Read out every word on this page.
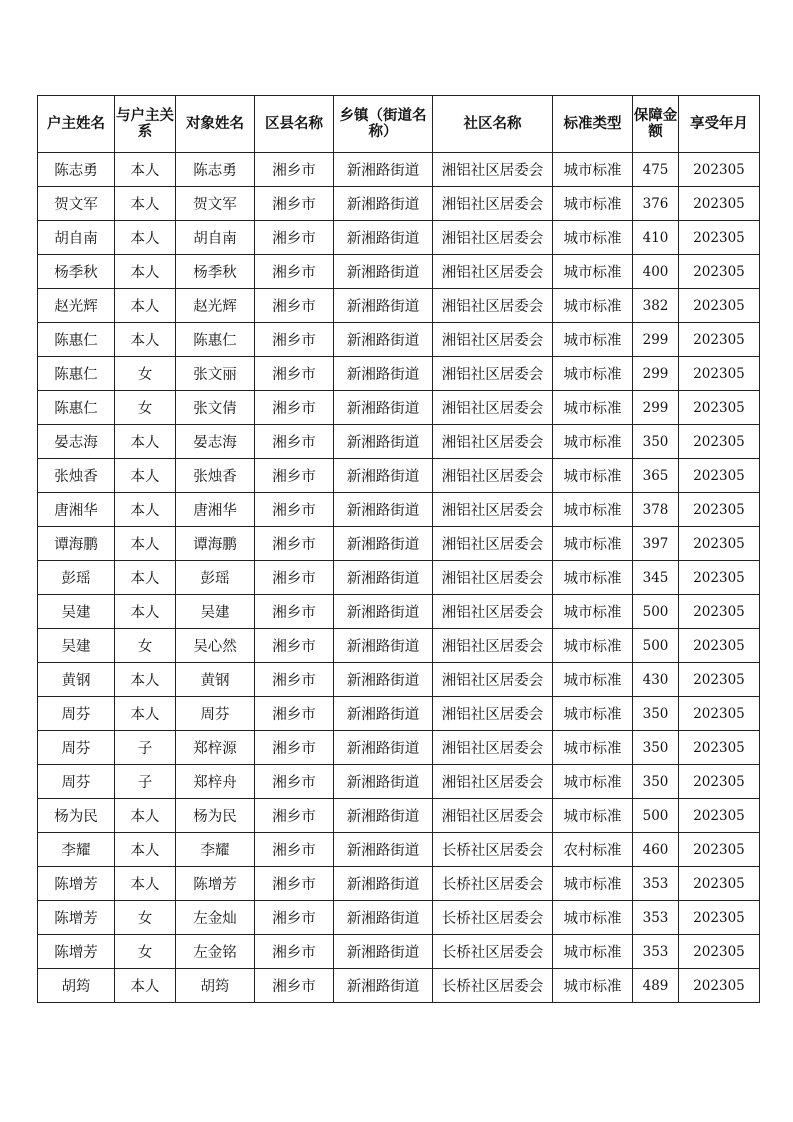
户主姓名	与户主关系	对象姓名	区县名称	乡镇（街道名称）	社区名称	标准类型	保障金额	享受年月
陈志勇	本人	陈志勇	湘乡市	新湘路街道	湘铝社区居委会	城市标准	475	202305
贺文军	本人	贺文军	湘乡市	新湘路街道	湘铝社区居委会	城市标准	376	202305
胡自南	本人	胡自南	湘乡市	新湘路街道	湘铝社区居委会	城市标准	410	202305
杨季秋	本人	杨季秋	湘乡市	新湘路街道	湘铝社区居委会	城市标准	400	202305
赵光辉	本人	赵光辉	湘乡市	新湘路街道	湘铝社区居委会	城市标准	382	202305
陈惠仁	本人	陈惠仁	湘乡市	新湘路街道	湘铝社区居委会	城市标准	299	202305
陈惠仁	女	张文丽	湘乡市	新湘路街道	湘铝社区居委会	城市标准	299	202305
陈惠仁	女	张文倩	湘乡市	新湘路街道	湘铝社区居委会	城市标准	299	202305
晏志海	本人	晏志海	湘乡市	新湘路街道	湘铝社区居委会	城市标准	350	202305
张烛香	本人	张烛香	湘乡市	新湘路街道	湘铝社区居委会	城市标准	365	202305
唐湘华	本人	唐湘华	湘乡市	新湘路街道	湘铝社区居委会	城市标准	378	202305
谭海鹏	本人	谭海鹏	湘乡市	新湘路街道	湘铝社区居委会	城市标准	397	202305
彭瑶	本人	彭瑶	湘乡市	新湘路街道	湘铝社区居委会	城市标准	345	202305
吴建	本人	吴建	湘乡市	新湘路街道	湘铝社区居委会	城市标准	500	202305
吴建	女	吴心然	湘乡市	新湘路街道	湘铝社区居委会	城市标准	500	202305
黄钢	本人	黄钢	湘乡市	新湘路街道	湘铝社区居委会	城市标准	430	202305
周芬	本人	周芬	湘乡市	新湘路街道	湘铝社区居委会	城市标准	350	202305
周芬	子	郑梓源	湘乡市	新湘路街道	湘铝社区居委会	城市标准	350	202305
周芬	子	郑梓舟	湘乡市	新湘路街道	湘铝社区居委会	城市标准	350	202305
杨为民	本人	杨为民	湘乡市	新湘路街道	湘铝社区居委会	城市标准	500	202305
李耀	本人	李耀	湘乡市	新湘路街道	长桥社区居委会	农村标准	460	202305
陈增芳	本人	陈增芳	湘乡市	新湘路街道	长桥社区居委会	城市标准	353	202305
陈增芳	女	左金灿	湘乡市	新湘路街道	长桥社区居委会	城市标准	353	202305
陈增芳	女	左金铭	湘乡市	新湘路街道	长桥社区居委会	城市标准	353	202305
胡筠	本人	胡筠	湘乡市	新湘路街道	长桥社区居委会	城市标准	489	202305
